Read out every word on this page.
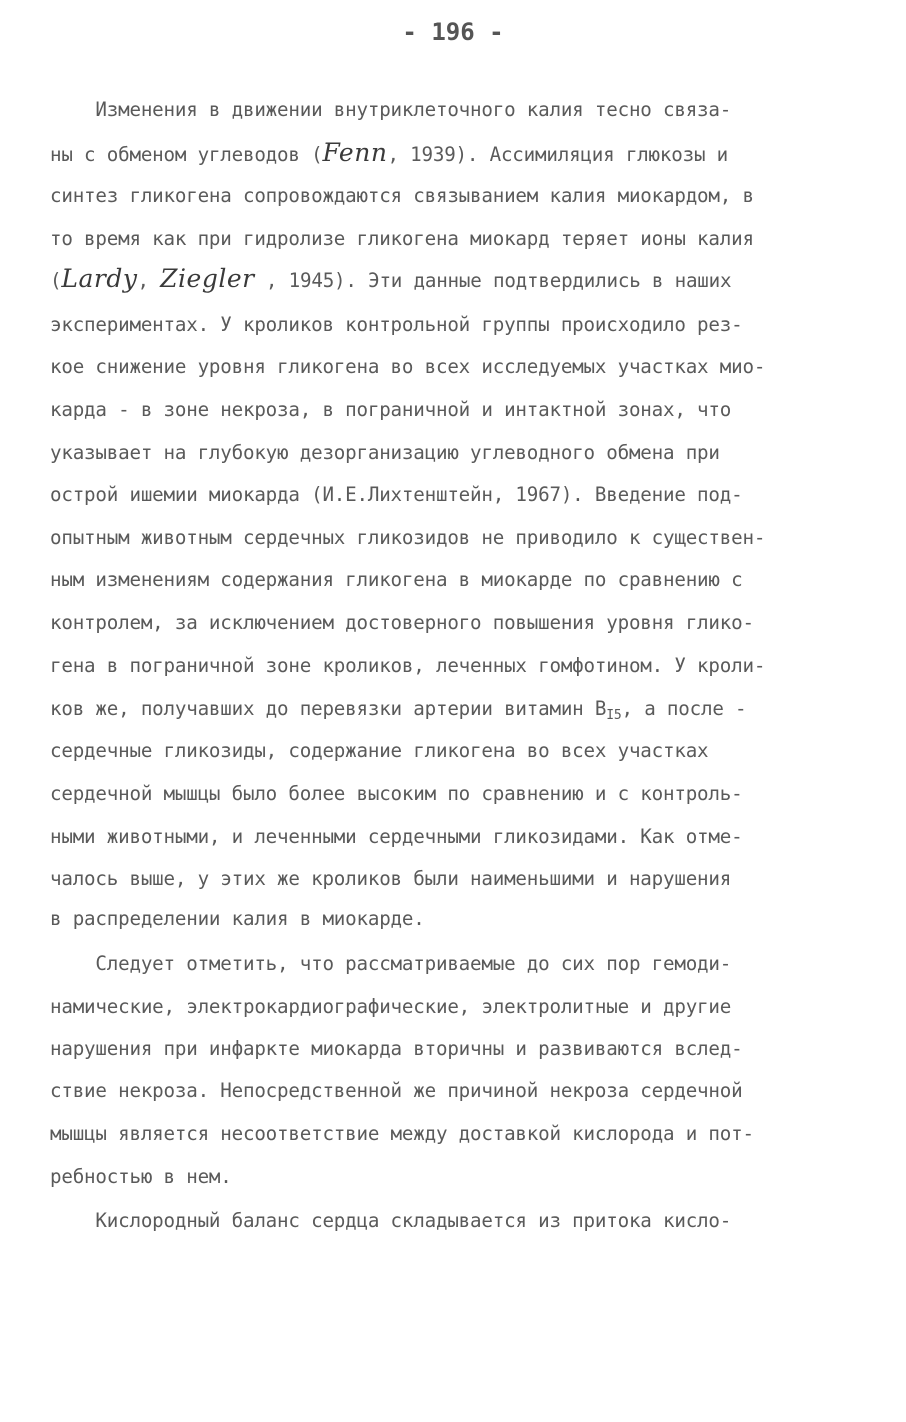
- 196 -
Изменения в движении внутриклеточного калия тесно связа-
ны с обменом углеводов (Fenn, 1939). Ассимиляция глюкозы и
синтез гликогена сопровождаются связыванием калия миокардом, в
то время как при гидролизе гликогена миокард теряет ионы калия
(Lardy, Ziegler , 1945). Эти данные подтвердились в наших
экспериментах. У кроликов контрольной группы происходило рез-
кое снижение уровня гликогена во всех исследуемых участках мио-
карда - в зоне некроза, в пограничной и интактной зонах, что
указывает на глубокую дезорганизацию углеводного обмена при
острой ишемии миокарда (И.Е.Лихтенштейн, 1967). Введение под-
опытным животным сердечных гликозидов не приводило к существен-
ным изменениям содержания гликогена в миокарде по сравнению с
контролем, за исключением достоверного повышения уровня глико-
гена в пограничной зоне кроликов, леченных гомфотином. У кроли-
ков же, получавших до перевязки артерии витамин $B_{I5}$, а после -
сердечные гликозиды, содержание гликогена во всех участках
сердечной мышцы было более высоким по сравнению и с контроль-
ными животными, и леченными сердечными гликозидами. Как отме-
чалось выше, у этих же кроликов были наименьшими и нарушения
в распределении калия в миокарде.
Следует отметить, что рассматриваемые до сих пор гемоди-
намические, электрокардиографические, электролитные и другие
нарушения при инфаркте миокарда вторичны и развиваются вслед-
ствие некроза. Непосредственной же причиной некроза сердечной
мышцы является несоответствие между доставкой кислорода и пот-
ребностью в нем.
Кислородный баланс сердца складывается из притока кисло-
